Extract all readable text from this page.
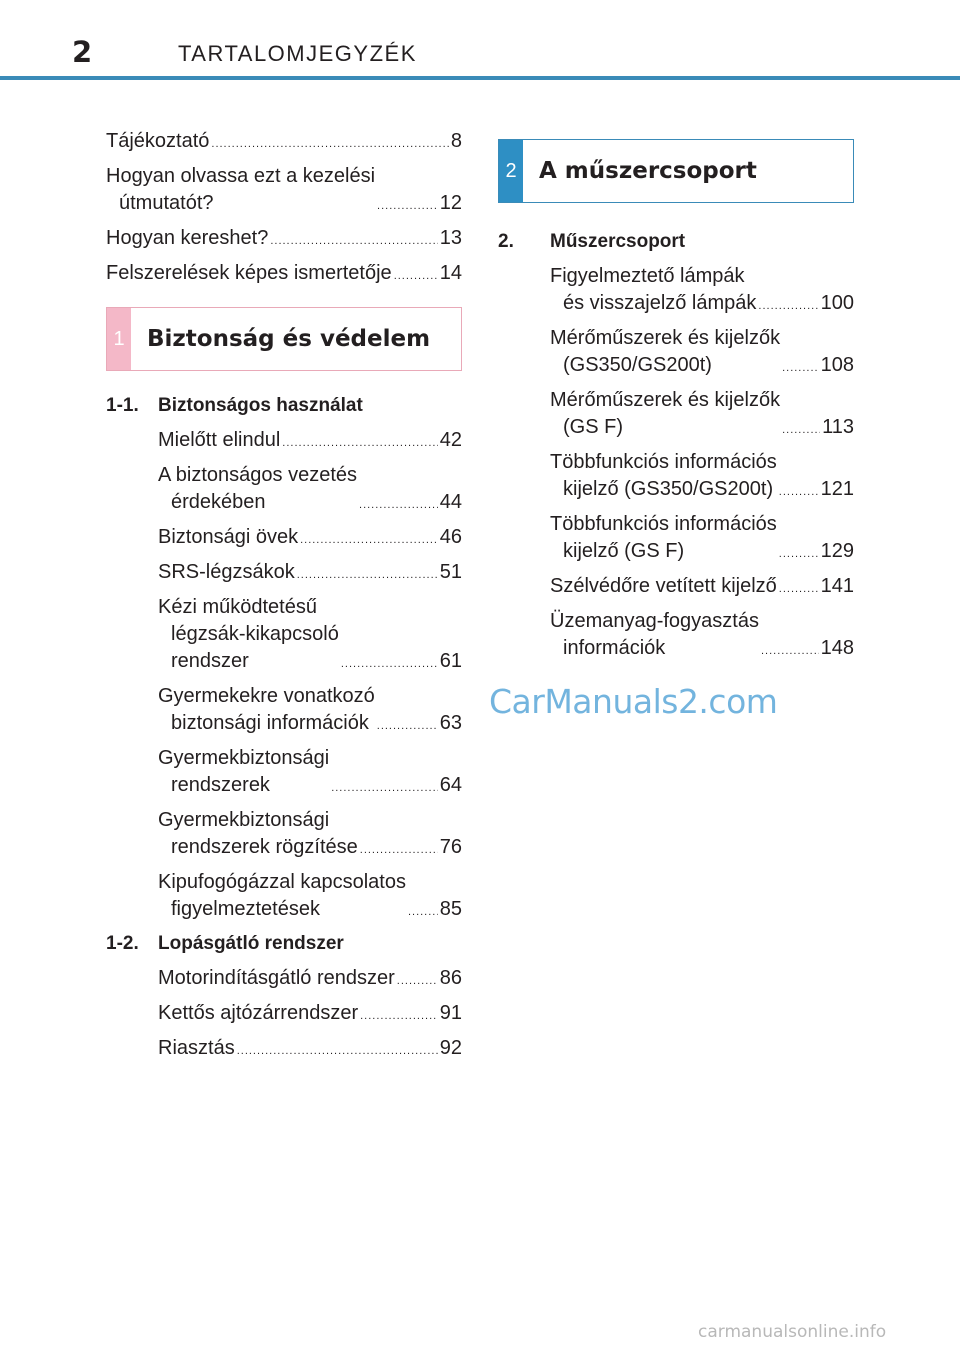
2	TARTALOMJEGYZÉK
Tájékoztató .....	8
Hogyan olvassa ezt a kezelési
útmutatót? .....	12
Hogyan kereshet? .....	13
Felszerelések képes ismertetője ..... 14
1 Biztonság és védelem
1-1.	Biztonságos használat
Mielőtt elindul .....	42
A biztonságos vezetés
érdekében .....	44
Biztonsági övek .....	46
SRS-légzsákok .....	51
Kézi működtetésű
légzsák-kikapcsoló
rendszer .....	61
Gyermekekre vonatkozó
biztonsági információk .....	63
Gyermekbiztonsági
rendszerek .....	64
Gyermekbiztonsági
rendszerek rögzítése .....	76
Kipufogógázzal kapcsolatos
figyelmeztetések .....	85
1-2.	Lopásgátló rendszer
Motorindításgátló rendszer ..... 86
Kettős ajtózárrendszer .....	91
Riasztás .....	92
2 A műszercsoport
2.	Műszercsoport
Figyelmeztető lámpák
és visszajelző lámpák .....	100
Mérőműszerek és kijelzők
(GS350/GS200t) .....	108
Mérőműszerek és kijelzők
(GS F) .....	113
Többfunkciós információs
kijelző (GS350/GS200t) ..... 121
Többfunkciós információs
kijelző (GS F) .....	129
Szélvédőre vetített kijelző ..... 141
Üzemanyag-fogyasztás
információk .....	148
CarManuals2.com
carmanualsonline.info
